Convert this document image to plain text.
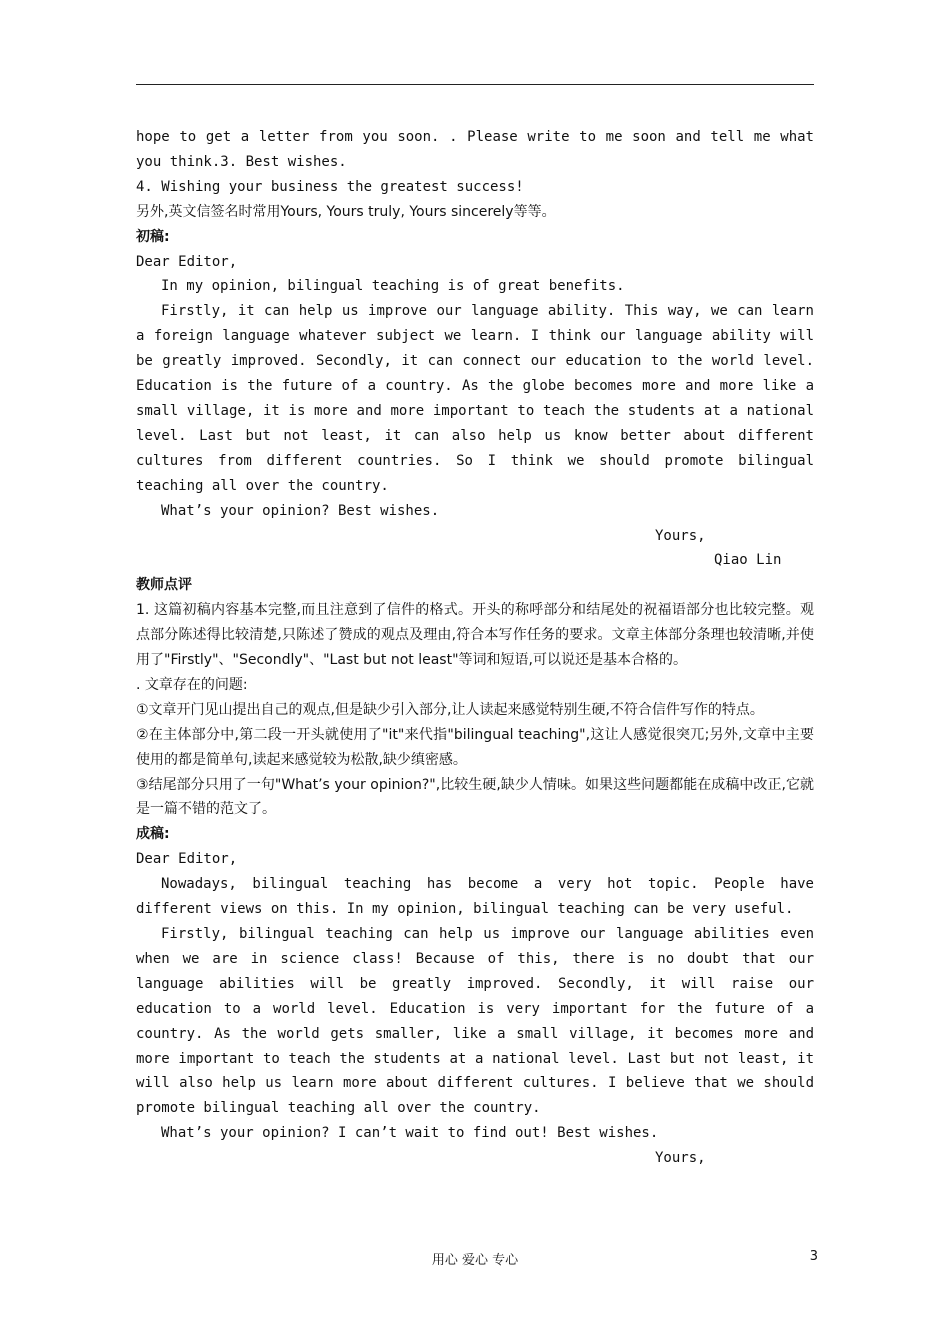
hope to get a letter from you soon. . Please write to me soon and tell me what you think.3. Best wishes.

4. Wishing your business the greatest success!

另外,英文信签名时常用Yours, Yours truly, Yours sincerely等等。

初稿:

Dear Editor,

In my opinion, bilingual teaching is of great benefits.

Firstly, it can help us improve our language ability. This way, we can learn a foreign language whatever subject we learn. I think our language ability will be greatly improved. Secondly, it can connect our education to the world level. Education is the future of a country. As the globe becomes more and more like a small village, it is more and more important to teach the students at a national level. Last but not least, it can also help us know better about different cultures from different countries. So I think we should promote bilingual teaching all over the country.

What’s your opinion? Best wishes.

Yours,

Qiao Lin

教师点评

1. 这篇初稿内容基本完整,而且注意到了信件的格式。开头的称呼部分和结尾处的祝福语部分也比较完整。观点部分陈述得比较清楚,只陈述了赞成的观点及理由,符合本写作任务的要求。文章主体部分条理也较清晰,并使用了"Firstly"、"Secondly"、"Last but not least"等词和短语,可以说还是基本合格的。

. 文章存在的问题:

①文章开门见山提出自己的观点,但是缺少引入部分,让人读起来感觉特别生硬,不符合信件写作的特点。

②在主体部分中,第二段一开头就使用了"it"来代指"bilingual teaching",这让人感觉很突兀;另外,文章中主要使用的都是简单句,读起来感觉较为松散,缺少缜密感。

③结尾部分只用了一句"What’s your opinion?",比较生硬,缺少人情味。如果这些问题都能在成稿中改正,它就是一篇不错的范文了。

成稿:

Dear Editor,

Nowadays, bilingual teaching has become a very hot topic. People have different views on this. In my opinion, bilingual teaching can be very useful.

Firstly, bilingual teaching can help us improve our language abilities even when we are in science class! Because of this, there is no doubt that our language abilities will be greatly improved. Secondly, it will raise our education to a world level. Education is very important for the future of a country. As the world gets smaller, like a small village, it becomes more and more important to teach the students at a national level. Last but not least, it will also help us learn more about different cultures. I believe that we should promote bilingual teaching all over the country.

What’s your opinion? I can’t wait to find out! Best wishes.

Yours,

用心 爱心 专心	3
